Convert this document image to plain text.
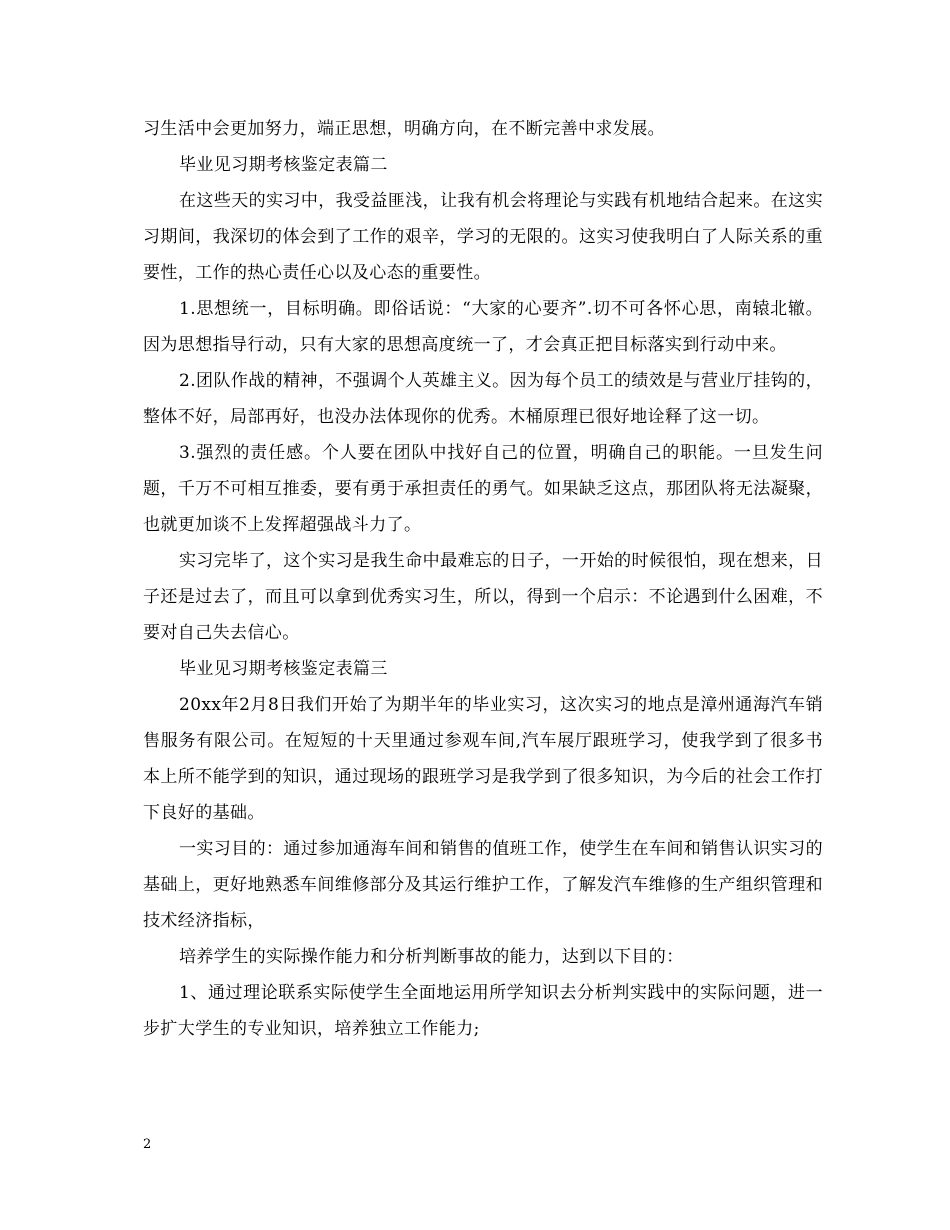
习生活中会更加努力，端正思想，明确方向，在不断完善中求发展。

毕业见习期考核鉴定表篇二

在这些天的实习中，我受益匪浅，让我有机会将理论与实践有机地结合起来。在这实习期间，我深切的体会到了工作的艰辛，学习的无限的。这实习使我明白了人际关系的重要性，工作的热心责任心以及心态的重要性。

1.思想统一，目标明确。即俗话说：“大家的心要齐”.切不可各怀心思，南辕北辙。因为思想指导行动，只有大家的思想高度统一了，才会真正把目标落实到行动中来。

2.团队作战的精神，不强调个人英雄主义。因为每个员工的绩效是与营业厅挂钩的，整体不好，局部再好，也没办法体现你的优秀。木桶原理已很好地诠释了这一切。

3.强烈的责任感。个人要在团队中找好自己的位置，明确自己的职能。一旦发生问题，千万不可相互推委，要有勇于承担责任的勇气。如果缺乏这点，那团队将无法凝聚，也就更加谈不上发挥超强战斗力了。

实习完毕了，这个实习是我生命中最难忘的日子，一开始的时候很怕，现在想来，日子还是过去了，而且可以拿到优秀实习生，所以，得到一个启示：不论遇到什么困难，不要对自己失去信心。

毕业见习期考核鉴定表篇三

20xx年2月8日我们开始了为期半年的毕业实习，这次实习的地点是漳州通海汽车销售服务有限公司。在短短的十天里通过参观车间,汽车展厅跟班学习，使我学到了很多书本上所不能学到的知识，通过现场的跟班学习是我学到了很多知识，为今后的社会工作打下良好的基础。

一实习目的：通过参加通海车间和销售的值班工作，使学生在车间和销售认识实习的基础上，更好地熟悉车间维修部分及其运行维护工作，了解发汽车维修的生产组织管理和技术经济指标，

培养学生的实际操作能力和分析判断事故的能力，达到以下目的：

1、通过理论联系实际使学生全面地运用所学知识去分析判实践中的实际问题，进一步扩大学生的专业知识，培养独立工作能力;

2
